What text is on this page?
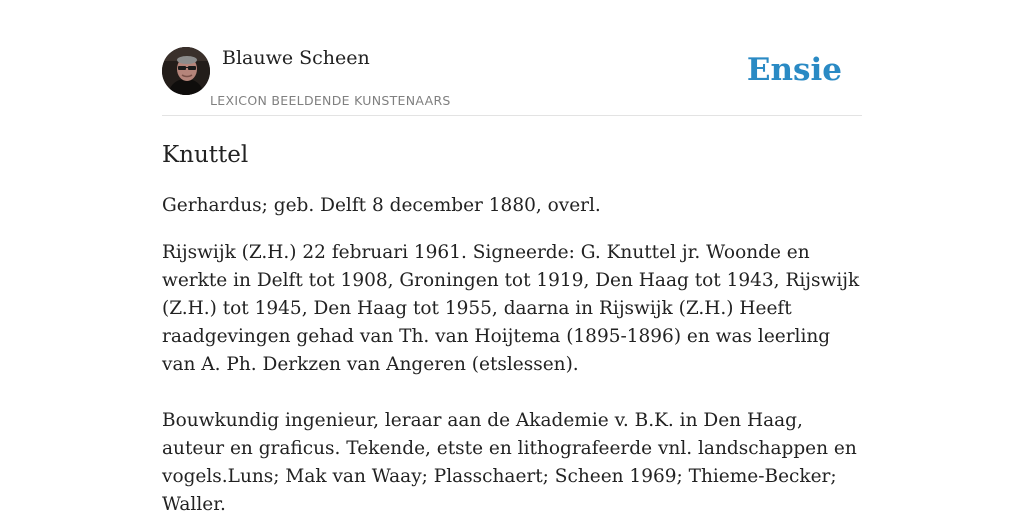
Blauwe Scheen
LEXICON BEELDENDE KUNSTENAARS
Ensie
Knuttel

Gerhardus; geb. Delft 8 december 1880, overl.

Rijswijk (Z.H.) 22 februari 1961. Signeerde: G. Knuttel jr. Woonde en werkte in Delft tot 1908, Groningen tot 1919, Den Haag tot 1943, Rijswijk (Z.H.) tot 1945, Den Haag tot 1955, daarna in Rijswijk (Z.H.) Heeft raadgevingen gehad van Th. van Hoijtema (1895-1896) en was leerling van A. Ph. Derkzen van Angeren (etslessen).

Bouwkundig ingenieur, leraar aan de Akademie v. B.K. in Den Haag, auteur en graficus. Tekende, etste en lithografeerde vnl. landschappen en vogels.Luns; Mak van Waay; Plasschaert; Scheen 1969; Thieme-Becker; Waller.
